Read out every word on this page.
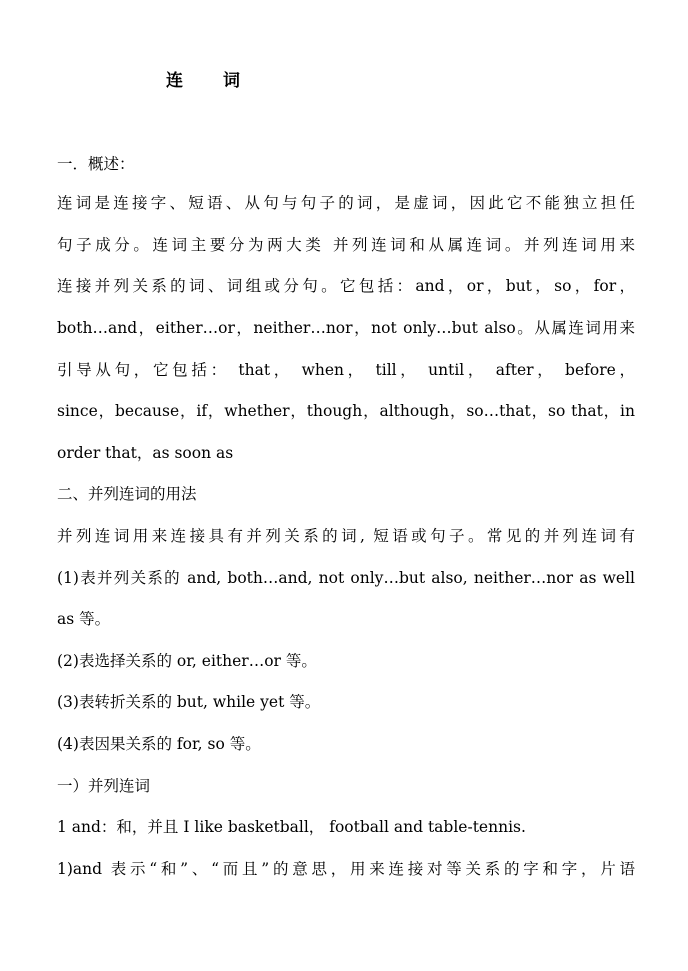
连 词
一．概述：
连词是连接字、短语、从句与句子的词，是虚词，因此它不能独立担任
句子成分。连词主要分为两大类 并列连词和从属连词。并列连词用来
连接并列关系的词、词组或分句。它包括：and，or，but，so，for，
both…and，either…or，neither…nor，not only…but also。从属连词用来
引导从句，它包括： that， when， till， until， after， before，
since，because，if，whether，though，although，so…that，so that，in
order that，as soon as
二、并列连词的用法
并列连词用来连接具有并列关系的词, 短语或句子。常见的并列连词有
(1)表并列关系的 and, both…and, not only…but also, neither…nor as well
as 等。
(2)表选择关系的 or, either…or 等。
(3)表转折关系的 but, while yet 等。
(4)表因果关系的 for, so 等。
一）并列连词
1 and：和，并且 I like basketball， football and table-tennis.
1)and 表示“和”、“而且”的意思，用来连接对等关系的字和字，片语
